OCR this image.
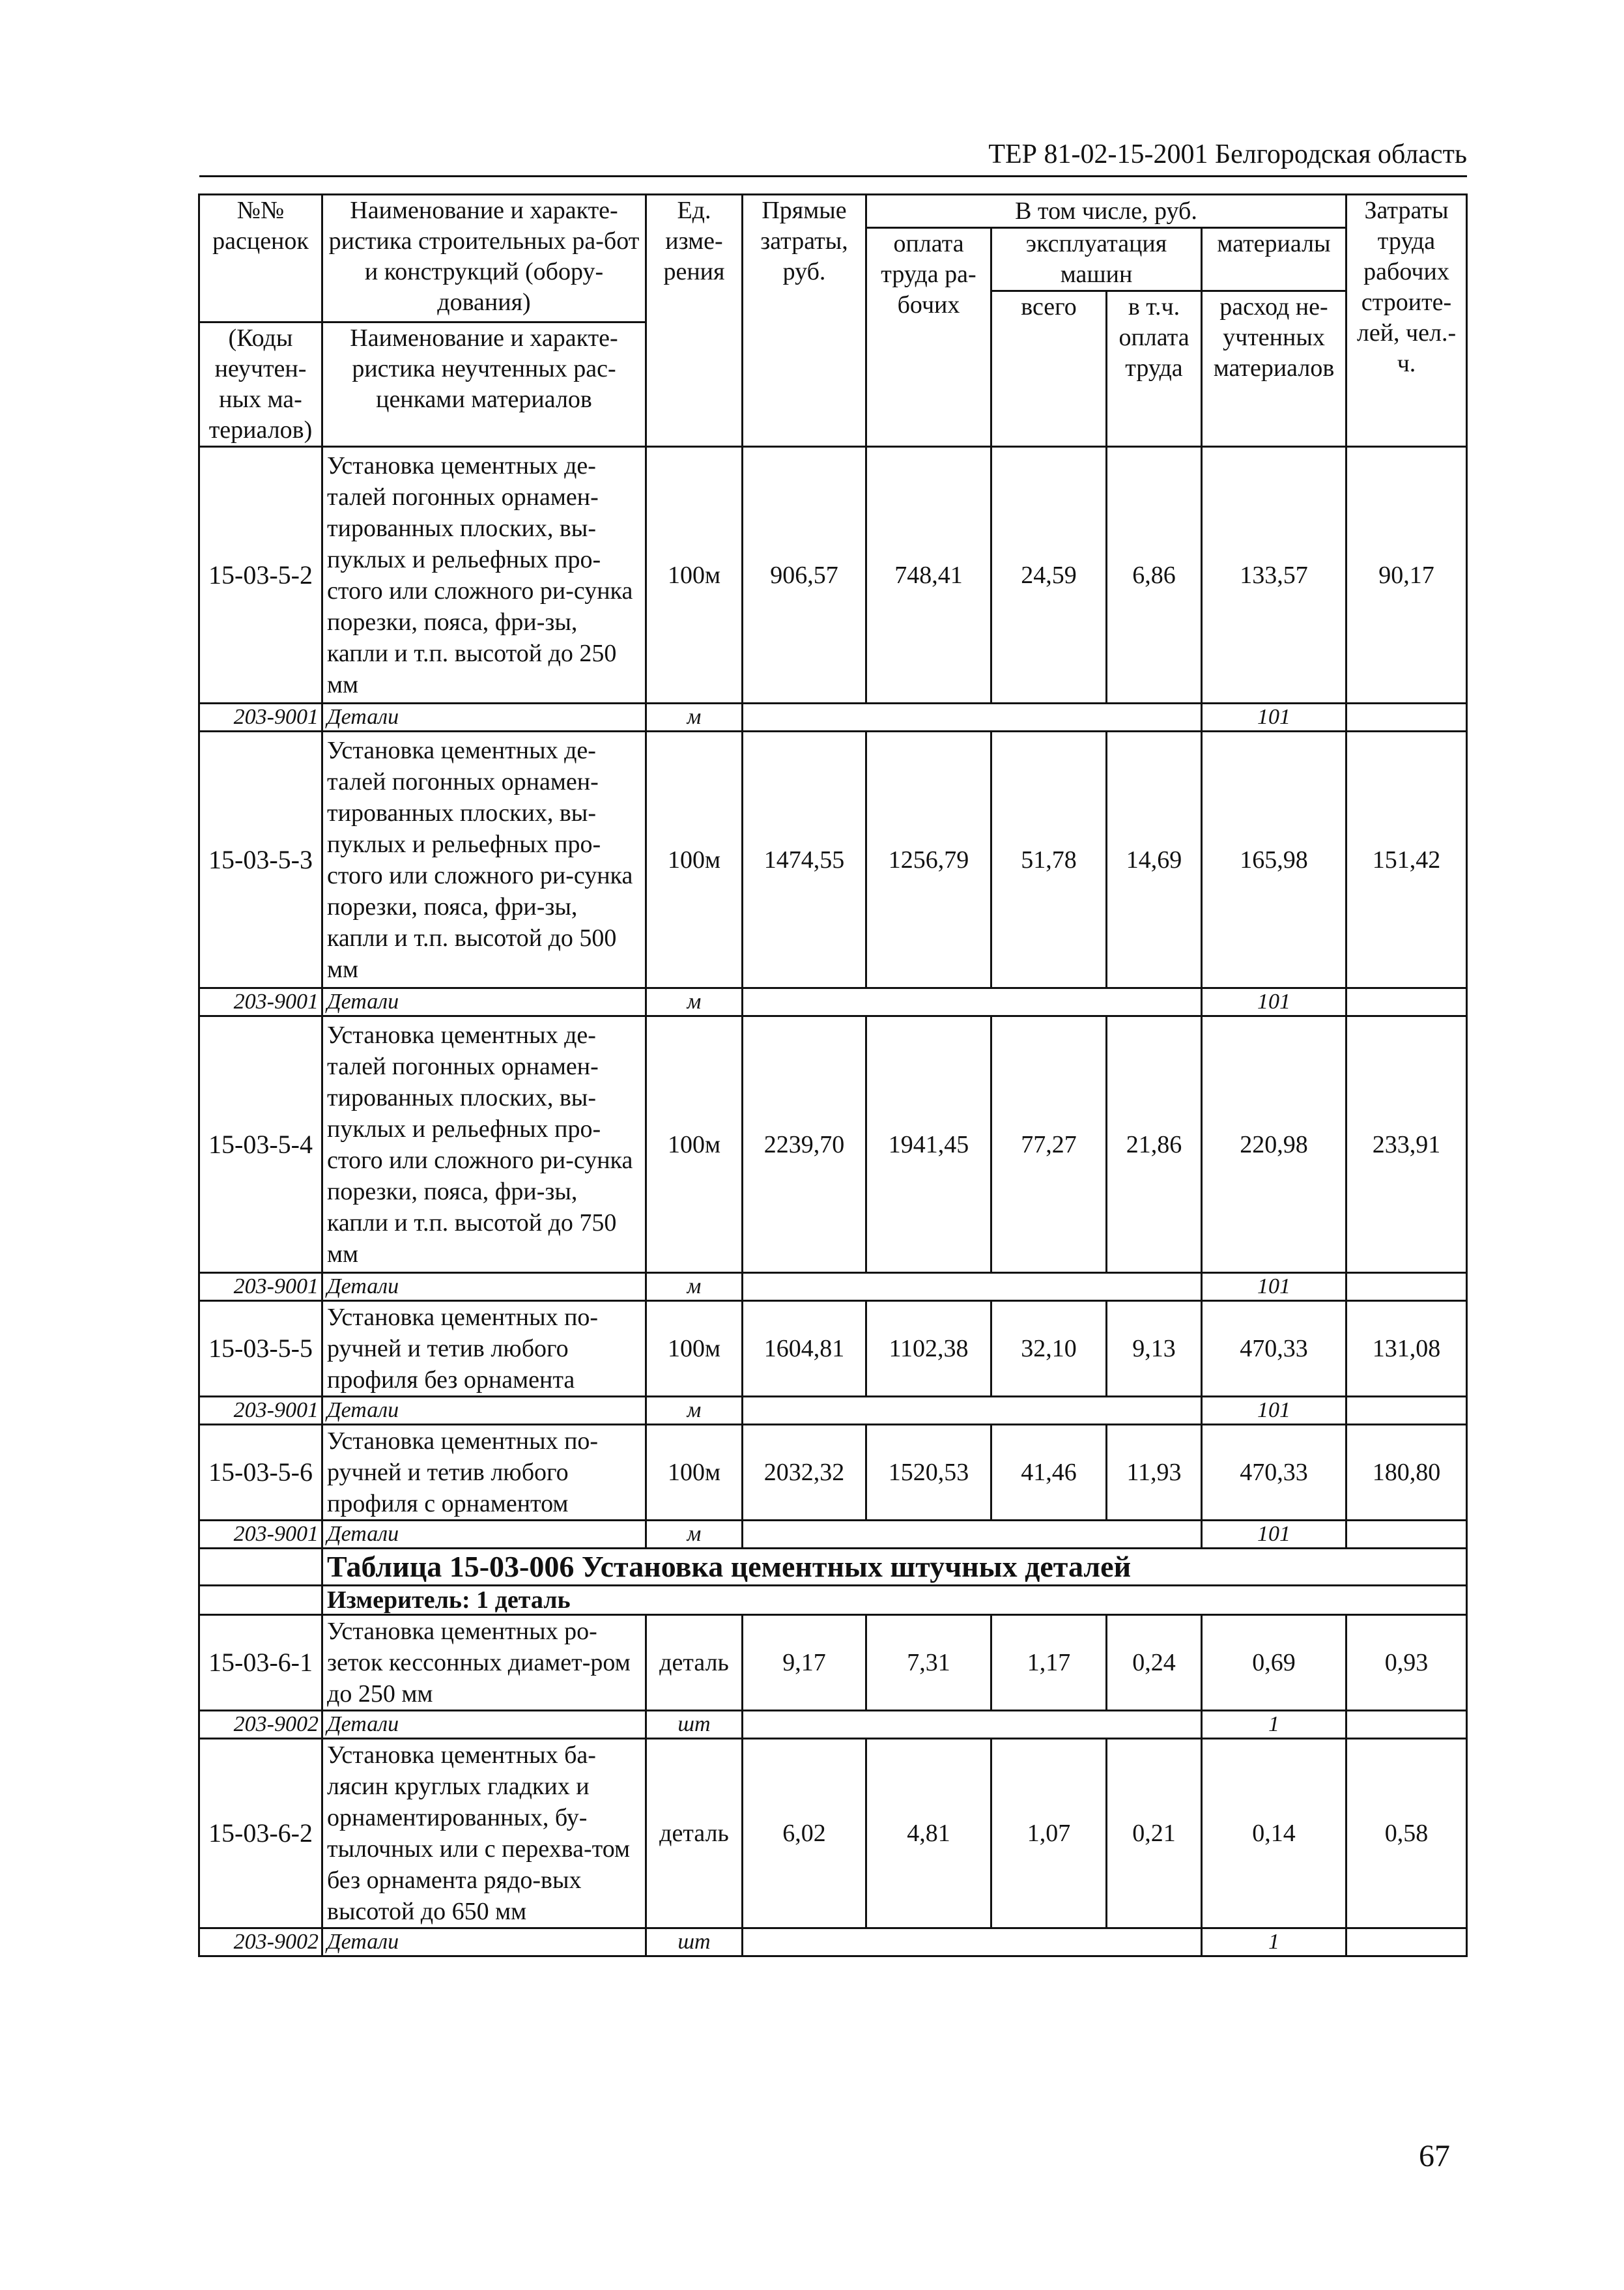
ТЕР 81-02-15-2001 Белгородская область
№№ расценок	Наименование и характе-ристика строительных ра-бот и конструкций (обору-дования)	Ед. изме-рения	Прямые затраты, руб.	В том числе, руб.				Затраты труда рабочих строите-лей, чел.-ч.
				оплата труда ра-бочих	эксплуатация машин		материалы	
					всего	в т.ч. оплата труда	расход не-учтенных материалов	
(Коды неучтен-ных ма-териалов)	Наименование и характе-ристика неучтенных рас-ценками материалов							

15-03-5-2	Установка цементных де-талей погонных орнамен-тированных плоских, вы-пуклых и рельефных про-стого или сложного ри-сунка порезки, пояса, фри-зы, капли и т.п. высотой до 250 мм	100м	906,57	748,41	24,59	6,86	133,57	90,17
203-9001	Детали	м					101	
15-03-5-3	Установка цементных де-талей погонных орнамен-тированных плоских, вы-пуклых и рельефных про-стого или сложного ри-сунка порезки, пояса, фри-зы, капли и т.п. высотой до 500 мм	100м	1474,55	1256,79	51,78	14,69	165,98	151,42
203-9001	Детали	м					101	
15-03-5-4	Установка цементных де-талей погонных орнамен-тированных плоских, вы-пуклых и рельефных про-стого или сложного ри-сунка порезки, пояса, фри-зы, капли и т.п. высотой до 750 мм	100м	2239,70	1941,45	77,27	21,86	220,98	233,91
203-9001	Детали	м					101	
15-03-5-5	Установка цементных по-ручней и тетив любого профиля без орнамента	100м	1604,81	1102,38	32,10	9,13	470,33	131,08
203-9001	Детали	м					101	
15-03-5-6	Установка цементных по-ручней и тетив любого профиля с орнаментом	100м	2032,32	1520,53	41,46	11,93	470,33	180,80
203-9001	Детали	м					101	
	Таблица 15-03-006 Установка цементных штучных деталей							
	Измеритель: 1 деталь							
15-03-6-1	Установка цементных ро-зеток кессонных диамет-ром до 250 мм	деталь	9,17	7,31	1,17	0,24	0,69	0,93
203-9002	Детали	шт					1	
15-03-6-2	Установка цементных ба-лясин круглых гладких и орнаментированных, бу-тылочных или с перехва-том без орнамента рядо-вых высотой до 650 мм	деталь	6,02	4,81	1,07	0,21	0,14	0,58
203-9002	Детали	шт					1	
67
